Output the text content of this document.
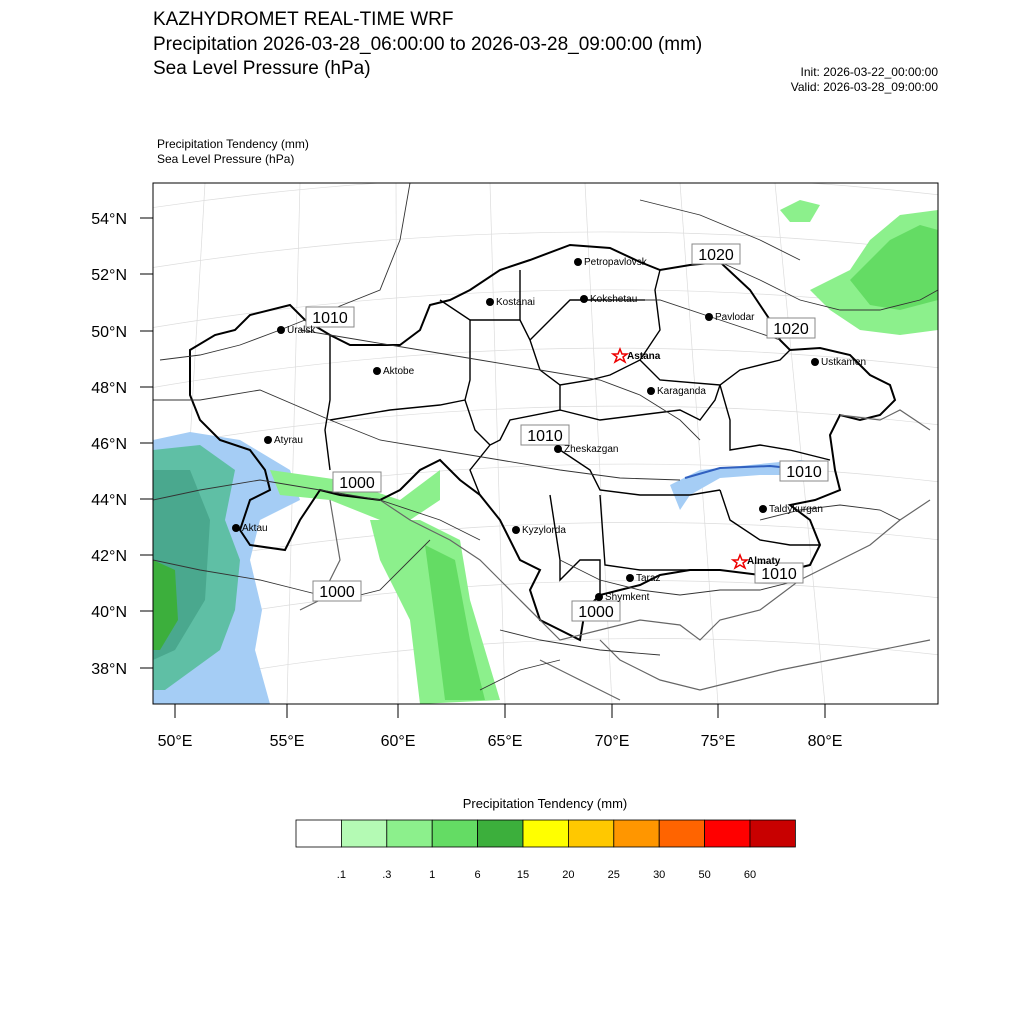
KAZHYDROMET REAL-TIME WRF
Precipitation 2026-03-28_06:00:00 to 2026-03-28_09:00:00 (mm)
Sea Level Pressure (hPa)	Init: 2026-03-22_00:00:00
Valid: 2026-03-28_09:00:00
Precipitation Tendency (mm)
Sea Level Pressure (hPa)
54°N
52°N
50°N
48°N
46°N
44°N
42°N
40°N
38°N
50°E	55°E	60°E	65°E	70°E	75°E	80°E
1020
1010
1020
1010
1010
1000
1000
1000
1010
Petropavlovsk
Kostanai	Kokshetau
Pavlodar
Uralsk
Aktobe
Astana
Karaganda
Ustkamen
Atyrau
Zheskazgan
Aktau	Kyzylorda
Taldykurgan
Almaty
Taraz
Shymkent
Precipitation Tendency (mm)
.1	.3	1	6	15	20	25	30	50	60
